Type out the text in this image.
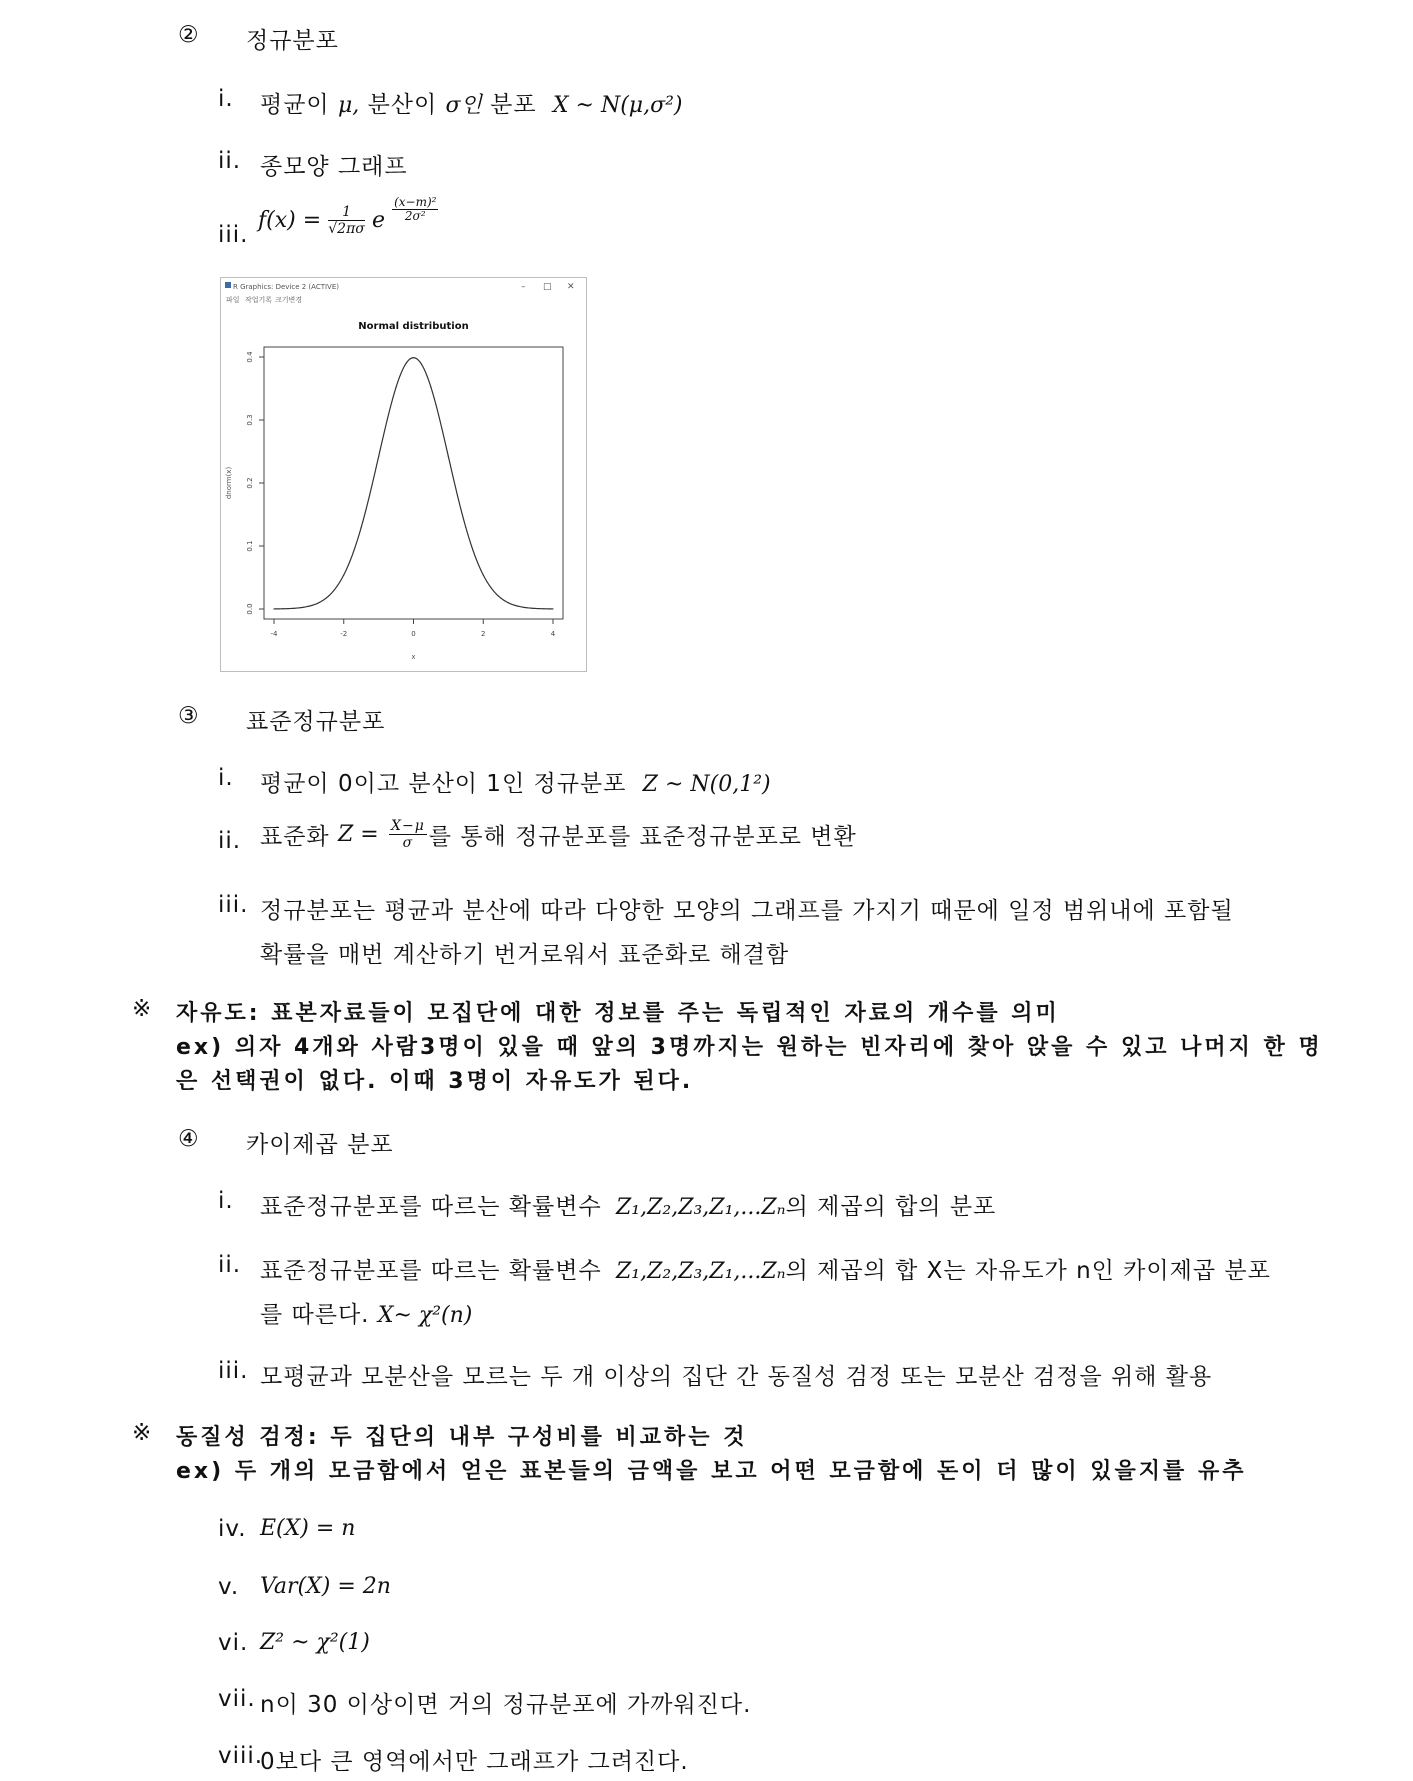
② 정규분포
i. 평균이 μ, 분산이 σ인 분포 X ~ N(μ,σ²)
ii. 종모양 그래프
iii.
$f(x) = \frac{1}{√2\pi\sigma}$ e $\frac{\text{(x−m)²}}{\text{2σ²}}$
R Graphics: Device 2 (ACTIVE)	– □ ✕
파일 작업기록 크기변경
Normal distribution
x
dnorm(x)
-4	-2	0	2	4
0.0
0.1
0.2
0.3
0.4
③ 표준정규분포
i. 평균이 0이고 분산이 1인 정규분포 Z ~ N(0,1²)
ii. 표준화 $Z = \frac{X-\mu}{\sigma}$ 를 통해 정규분포를 표준정규분포로 변환
iii. 정규분포는 평균과 분산에 따라 다양한 모양의 그래프를 가지기 때문에 일정 범위내에 포함될
확률을 매번 계산하기 번거로워서 표준화로 해결함
※ 자유도: 표본자료들이 모집단에 대한 정보를 주는 독립적인 자료의 개수를 의미
ex) 의자 4개와 사람3명이 있을 때 앞의 3명까지는 원하는 빈자리에 찾아 앉을 수 있고 나머지 한 명
은 선택권이 없다. 이때 3명이 자유도가 된다.
④ 카이제곱 분포
i. 표준정규분포를 따르는 확률변수 Z₁,Z₂,Z₃,Z₁,...Zₙ의 제곱의 합의 분포
ii. 표준정규분포를 따르는 확률변수 Z₁,Z₂,Z₃,Z₁,...Zₙ의 제곱의 합 X는 자유도가 n인 카이제곱 분포
를 따른다. X~ χ²(n)
iii. 모평균과 모분산을 모르는 두 개 이상의 집단 간 동질성 검정 또는 모분산 검정을 위해 활용
※ 동질성 검정: 두 집단의 내부 구성비를 비교하는 것
ex) 두 개의 모금함에서 얻은 표본들의 금액을 보고 어떤 모금함에 돈이 더 많이 있을지를 유추
iv. E(X) = n
v. Var(X) = 2n
vi. Z² ~ χ²(1)
vii. n이 30 이상이면 거의 정규분포에 가까워진다.
viii.
0보다 큰 영역에서만 그래프가 그려진다.
